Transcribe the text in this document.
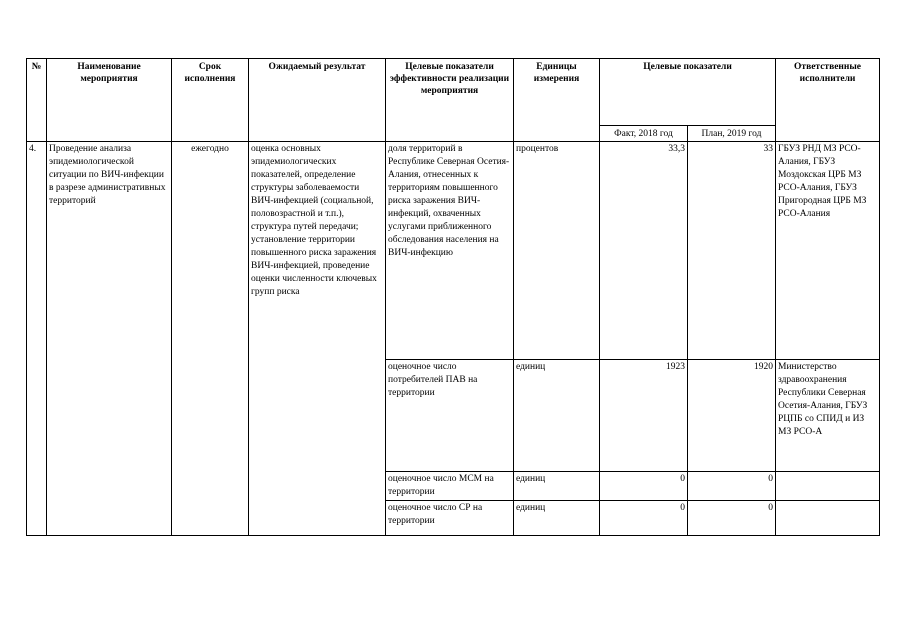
№	Наименование мероприятия	Срок исполнения	Ожидаемый результат	Целевые показатели эффективности реализации мероприятия	Единицы измерения	Целевые показатели		Ответственные исполнители
						Факт, 2018 год	План, 2019 год	
4.	Проведение анализа эпидемиологической ситуации по ВИЧ-инфекции в разрезе административных территорий	ежегодно	оценка основных эпидемиологических показателей, определение структуры заболеваемости ВИЧ-инфекцией (социальной, половозрастной и т.п.), структура путей передачи; установление территории повышенного риска заражения ВИЧ-инфекцией, проведение оценки численности ключевых групп риска	доля территорий в Республике Северная Осетия-Алания, отнесенных к территориям повышенного риска заражения ВИЧ-инфекций, охваченных услугами приближенного обследования населения на ВИЧ-инфекцию	процентов	33,3	33	ГБУЗ РНД МЗ РСО-Алания, ГБУЗ Моздокская ЦРБ МЗ РСО-Алания, ГБУЗ Пригородная ЦРБ МЗ РСО-Алания
				оценочное число потребителей ПАВ на территории	единиц	1923	1920	Министерство здравоохранения Республики Северная Осетия-Алания, ГБУЗ РЦПБ со СПИД и ИЗ МЗ РСО-А
				оценочное число МСМ на территории	единиц	0	0	
				оценочное число СР на территории	единиц	0	0	
